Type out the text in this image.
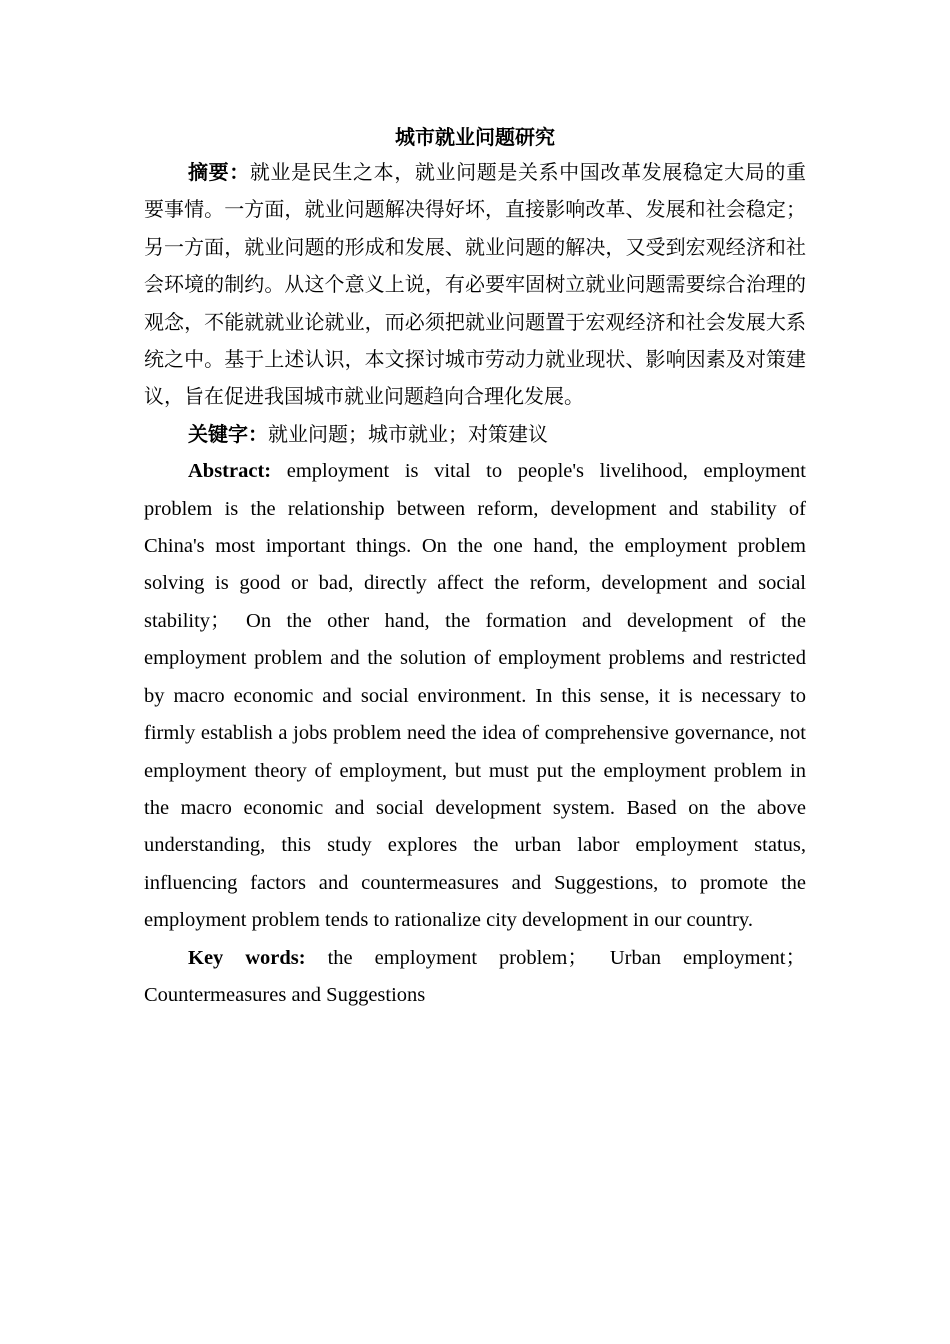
城市就业问题研究

摘要：就业是民生之本，就业问题是关系中国改革发展稳定大局的重要事情。一方面，就业问题解决得好坏，直接影响改革、发展和社会稳定；另一方面，就业问题的形成和发展、就业问题的解决，又受到宏观经济和社会环境的制约。从这个意义上说，有必要牢固树立就业问题需要综合治理的观念，不能就就业论就业，而必须把就业问题置于宏观经济和社会发展大系统之中。基于上述认识，本文探讨城市劳动力就业现状、影响因素及对策建议，旨在促进我国城市就业问题趋向合理化发展。

关键字：就业问题；城市就业；对策建议

Abstract: employment is vital to people's livelihood, employment problem is the relationship between reform, development and stability of China's most important things. On the one hand, the employment problem solving is good or bad, directly affect the reform, development and social stability； On the other hand, the formation and development of the employment problem and the solution of employment problems and restricted by macro economic and social environment. In this sense, it is necessary to firmly establish a jobs problem need the idea of comprehensive governance, not employment theory of employment, but must put the employment problem in the macro economic and social development system. Based on the above understanding, this study explores the urban labor employment status, influencing factors and countermeasures and Suggestions, to promote the employment problem tends to rationalize city development in our country.

Key words: the employment problem； Urban employment；Countermeasures and Suggestions
